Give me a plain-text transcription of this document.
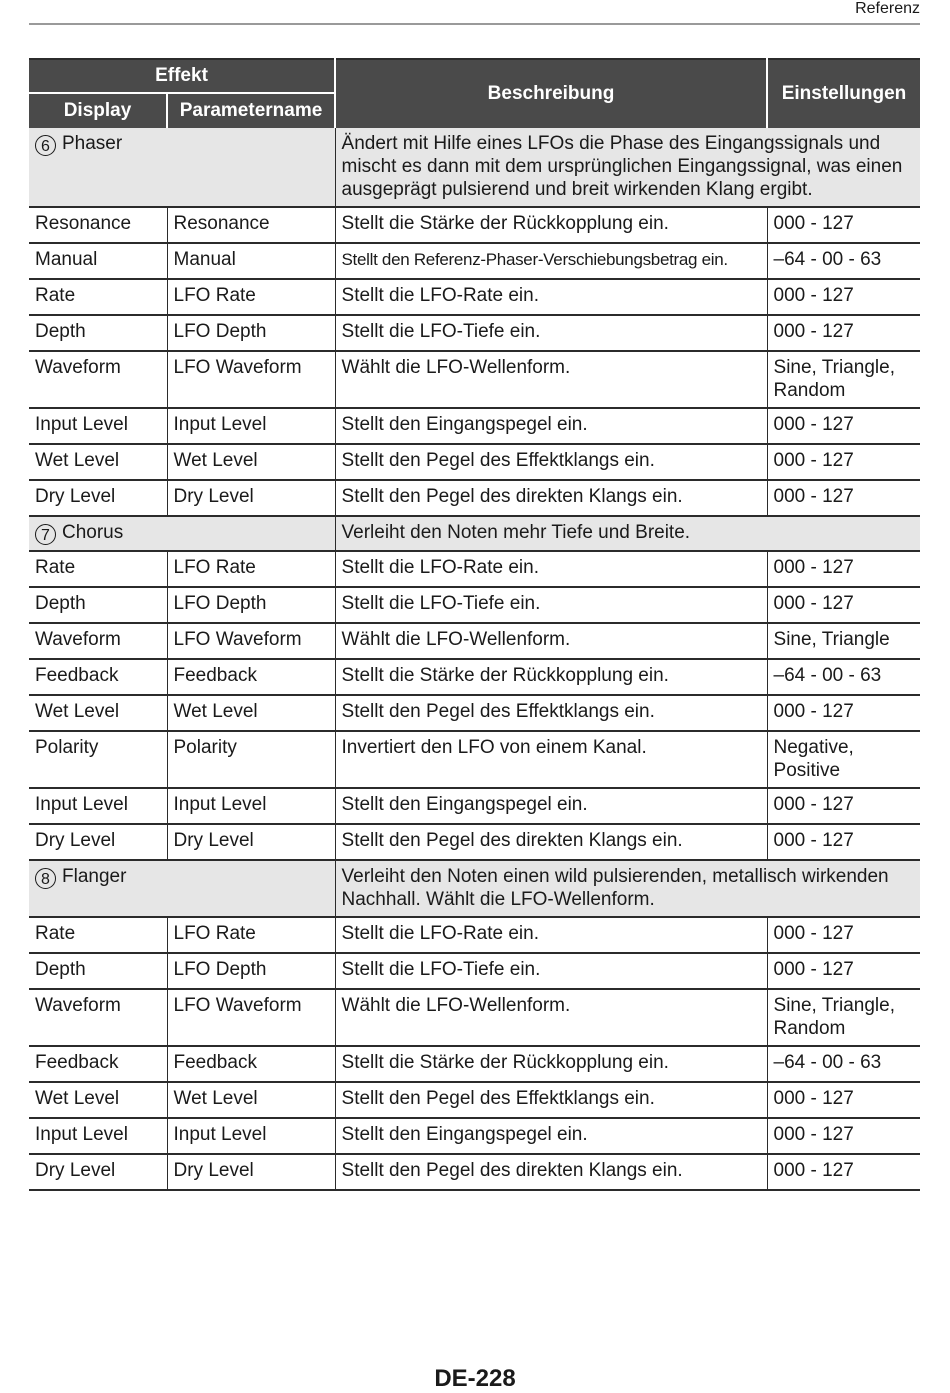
Referenz
Effekt		Beschreibung	Einstellungen
Display	Parametername		
6 Phaser		Ändert mit Hilfe eines LFOs die Phase des Eingangssignals und mischt es dann mit dem ursprünglichen Eingangssignal, was einen ausgeprägt pulsierend und breit wirkenden Klang ergibt.	
Resonance	Resonance	Stellt die Stärke der Rückkopplung ein.	000 - 127
Manual	Manual	Stellt den Referenz-Phaser-Verschiebungsbetrag ein.	–64 - 00 - 63
Rate	LFO Rate	Stellt die LFO-Rate ein.	000 - 127
Depth	LFO Depth	Stellt die LFO-Tiefe ein.	000 - 127
Waveform	LFO Waveform	Wählt die LFO-Wellenform.	Sine, Triangle, Random
Input Level	Input Level	Stellt den Eingangspegel ein.	000 - 127
Wet Level	Wet Level	Stellt den Pegel des Effektklangs ein.	000 - 127
Dry Level	Dry Level	Stellt den Pegel des direkten Klangs ein.	000 - 127
7 Chorus		Verleiht den Noten mehr Tiefe und Breite.	
Rate	LFO Rate	Stellt die LFO-Rate ein.	000 - 127
Depth	LFO Depth	Stellt die LFO-Tiefe ein.	000 - 127
Waveform	LFO Waveform	Wählt die LFO-Wellenform.	Sine, Triangle
Feedback	Feedback	Stellt die Stärke der Rückkopplung ein.	–64 - 00 - 63
Wet Level	Wet Level	Stellt den Pegel des Effektklangs ein.	000 - 127
Polarity	Polarity	Invertiert den LFO von einem Kanal.	Negative, Positive
Input Level	Input Level	Stellt den Eingangspegel ein.	000 - 127
Dry Level	Dry Level	Stellt den Pegel des direkten Klangs ein.	000 - 127
8 Flanger		Verleiht den Noten einen wild pulsierenden, metallisch wirkenden Nachhall. Wählt die LFO-Wellenform.	
Rate	LFO Rate	Stellt die LFO-Rate ein.	000 - 127
Depth	LFO Depth	Stellt die LFO-Tiefe ein.	000 - 127
Waveform	LFO Waveform	Wählt die LFO-Wellenform.	Sine, Triangle, Random
Feedback	Feedback	Stellt die Stärke der Rückkopplung ein.	–64 - 00 - 63
Wet Level	Wet Level	Stellt den Pegel des Effektklangs ein.	000 - 127
Input Level	Input Level	Stellt den Eingangspegel ein.	000 - 127
Dry Level	Dry Level	Stellt den Pegel des direkten Klangs ein.	000 - 127
DE-228
